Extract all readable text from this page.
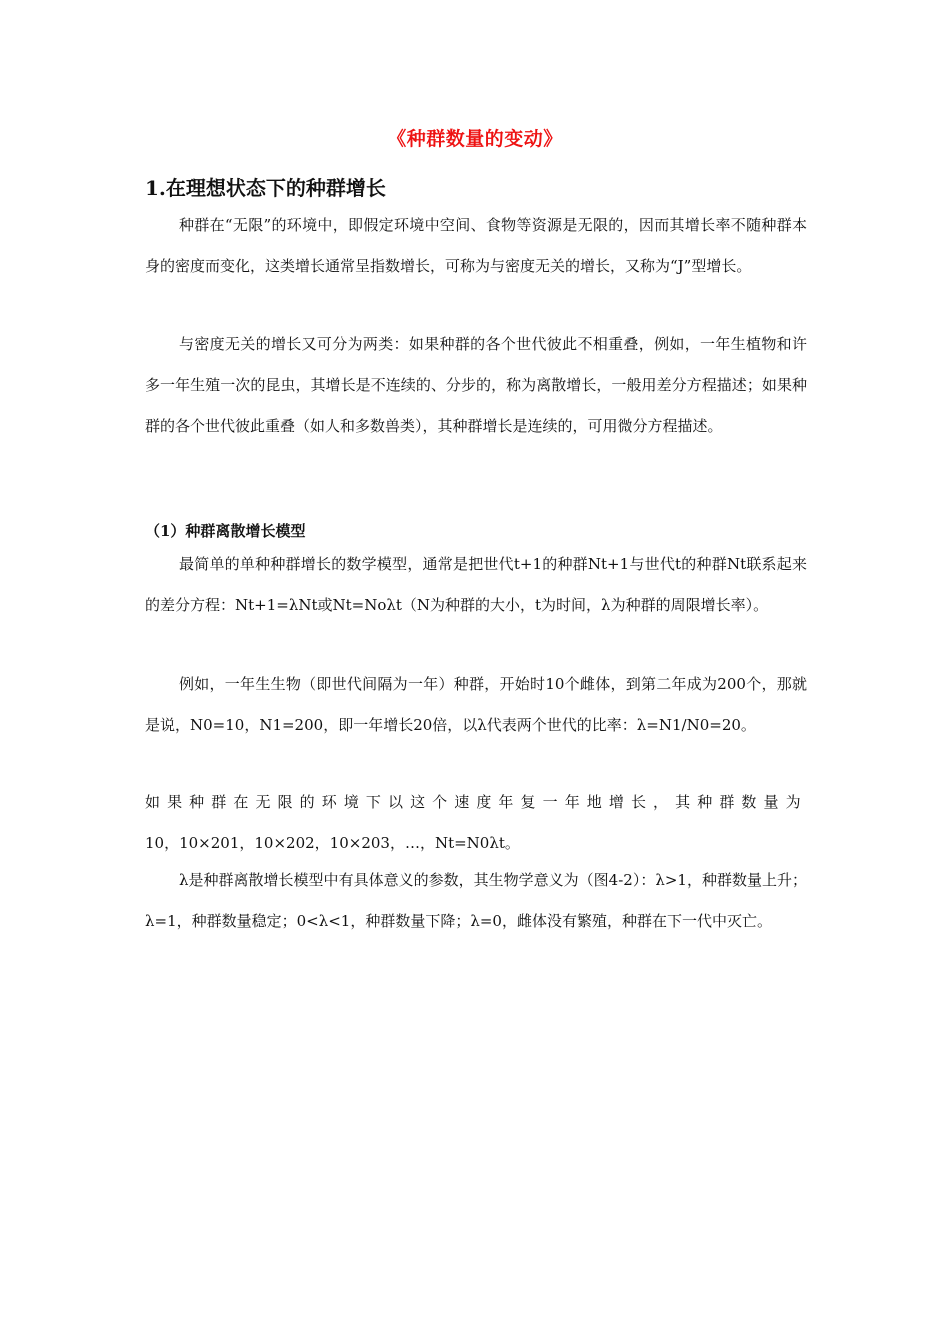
《种群数量的变动》
1.在理想状态下的种群增长

种群在“无限”的环境中，即假定环境中空间、食物等资源是无限的，因而其增长率不随种群本身的密度而变化，这类增长通常呈指数增长，可称为与密度无关的增长，又称为“J”型增长。

与密度无关的增长又可分为两类：如果种群的各个世代彼此不相重叠，例如，一年生植物和许多一年生殖一次的昆虫，其增长是不连续的、分步的，称为离散增长，一般用差分方程描述；如果种群的各个世代彼此重叠（如人和多数兽类），其种群增长是连续的，可用微分方程描述。

（1）种群离散增长模型

最简单的单种种群增长的数学模型，通常是把世代t+1的种群Nt+1与世代t的种群Nt联系起来的差分方程：Nt+1=λNt或Nt=Noλt（N为种群的大小，t为时间，λ为种群的周限增长率）。

例如，一年生生物（即世代间隔为一年）种群，开始时10个雌体，到第二年成为200个，那就是说，N0=10，N1=200，即一年增长20倍，以λ代表两个世代的比率：λ=N1/N0=20。

如果种群在无限的环境下以这个速度年复一年地增长，其种群数量为
10，10×201，10×202，10×203，…，Nt=N0λt。

λ是种群离散增长模型中有具体意义的参数，其生物学意义为（图4-2）：λ>1，种群数量上升；λ=1，种群数量稳定；0<λ<1，种群数量下降；λ=0，雌体没有繁殖，种群在下一代中灭亡。
